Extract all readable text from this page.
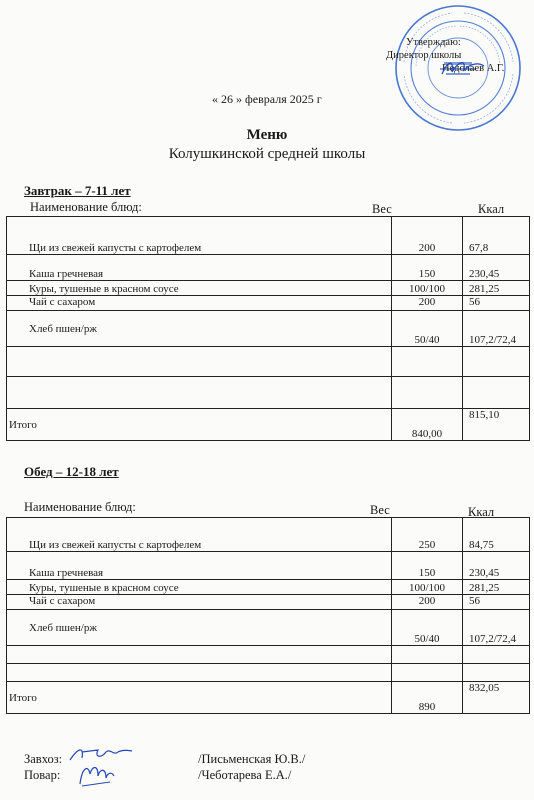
Утверждаю:
Директор школы
Недолаев А.Г.
« 26 » февраля 2025 г
Меню
Колушкинской средней школы
Завтрак – 7-11 лет
Наименование блюд:	Вес	Ккал
Щи из свежей капусты с картофелем	200	67,8
Каша гречневая	150	230,45
Куры, тушеные в красном соусе	100/100	281,25
Чай с сахаром	200	56
Хлеб пшен/рж	50/40	107,2/72,4

Итого	840,00	815,10
Обед – 12-18 лет
Наименование блюд:	Вес	Ккал
Щи из свежей капусты с картофелем	250	84,75
Каша гречневая	150	230,45
Куры, тушеные в красном соусе	100/100	281,25
Чай с сахаром	200	56
Хлеб пшен/рж	50/40	107,2/72,4

Итого	890	832,05
Завхоз:	/Письменская Ю.В./
Повар:	/Чеботарева Е.А./
